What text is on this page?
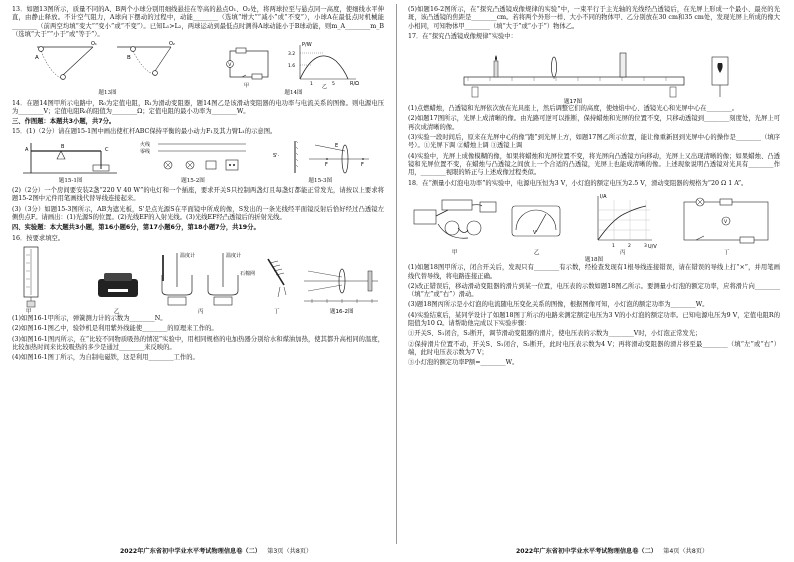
13．如题13图所示，质量不同的A、B两个小球分别用细线悬挂在等高的悬点O₁、O₂处，将两球拉至与悬点同一高度，使细线水平伸直，由静止释放。不计空气阻力，A球向下摆动的过程中，动能________（选填“增大”“减小”或“不变”），小球A在最低点时机械能________（前两空均填“变大”“变小”或“不变”）。已知L₁>L₂，两球运动到最低点时测得A球动能小于B球动能，则m_A________m_B（选填“大于”“小于”或“等于”）。

A
O₁
B
O₂
题13图
V
P/W
R/Ω
3.2
1.6
1	5
甲	乙
题14图

14．在题14图甲所示电路中，R₀为定值电阻，R₁为滑动变阻器，题14图乙是该滑动变阻器的电功率与电流关系的图像。则电源电压为________V；定值电阻R₀的阻值为________Ω；定值电阻的最小功率为________W。

三、作图题：本题共3小题，共7分。

15．(1)（2分）请在题15-1图中画出使杠杆ABC保持平衡的最小动力F₁及其力臂L₁的示意图。

A	B	C
题15-1图
火线
零线
题15-2图
S'·
F	F
E
题15-3图

(2)（2分）一个房间要安装2盏“220 V 40 W”的电灯和一个插座，要求开关S只控制两盏灯且每盏灯都能正常发光，请按以上要求将题15-2图中元件用笔画线代替导线连接起来。

(3)（3分）如题15-3图所示，AB为遮光板，S'是点光源S在平面镜中所成的像，S发出的一条光线经平面镜反射后恰好经过凸透镜左侧焦点F。请画出：(1)光源S的位置。(2)光线EF的入射光线。(3)光线EF经凸透镜后的折射光线。

四、实验题：本大题共3小题，第16小题6分，第17小题6分，第18小题7分，共19分。

16．按要求填空。

温度计	温度计
石棉网
甲	乙	丙	丁	题16-2图

(1)如图16-1甲所示，弹簧测力计的示数为________N。

(2)如图16-1图乙中，验钞机是利用紫外线能使________的原理来工作的。

(3)如图16-1图丙所示，在“比较不同物质吸热的情况”实验中，用相同规格的电加热器分别给水和煤油加热，使其都升高相同的温度，比较加热时间来比较吸热的多少是通过________来反映的。

(4)如图16-1图丁所示，为自制电磁铁，这是利用________工作的。

(5)如题16-2图所示，在“探究凸透镜成像规律的实验”中，一束平行于主光轴的光线经凸透镜后，在光屏上形成一个最小、最亮的光斑，该凸透镜的焦距是________cm。若将两个外形一样、大小不同的物体甲、乙分别放在30 cm和35 cm处，发现光屏上所成的像大小相同，可知物体甲________（填“大于”或“小于”）物体乙。

17．在“探究凸透镜成像规律”实验中：

题17图

(1)点燃蜡烛，凸透镜和光屏依次放在光具座上，然后调整它们的高度，使烛焰中心、透镜光心和光屏中心在________。

(2)如题17图所示，光屏上成清晰的像。由光路可逆可以推断，保持蜡烛和光屏的位置不变，只移动透镜到________刻度处，光屏上可再次成清晰的像。

(3)实验一段时间后，原来在光屏中心的像“跑”到光屏上方，如题17图乙所示位置，能让像重新回到光屏中心的操作是________（填序号）。①光屏下调 ②蜡烛上调 ③透镜上调

(4)实验中，光屏上成像模糊的像，如果将蜡烛和光屏位置不变，将光屏向凸透镜方向移动，光屏上又出现清晰的像；如果蜡烛、凸透镜和光屏位置不变，在蜡烛与凸透镜之间放上一个合适的凸透镜，光屏上也能成清晰的像。上述现象说明凸透镜对光具有________作用，________视眼的矫正与上述成像过程类似。

18．在“测量小灯泡电功率”的实验中，电源电压恒为3 V，小灯泡的额定电压为2.5 V，滑动变阻器的规格为“20 Ω 1 A”。

V
I/A
U/V
1	2	3
V
甲	乙	丙	丁
题18图

(1)如题18图甲所示，闭合开关后，发现只有________有示数，经检查发现有1根导线连接错误，请在错误的导线上打“×”，并用笔画线代替导线，将电路连接正确。

(2)改正错误后，移动滑动变阻器的滑片到某一位置，电压表的示数如题18图乙所示。要测量小灯泡的额定功率，应将滑片向________（填“左”或“右”）滑动。

(3)题18图丙所示是小灯泡的电流随电压变化关系的图像，根据图像可知，小灯泡的额定功率为________W。

(4)实验结束后，某同学设计了如题18图丁所示的电路来测定额定电压为3 V的小灯泡的额定功率。已知电源电压为9 V，定值电阻R的阻值为10 Ω。请帮助他完成以下实验步骤：

①开关S、S₁闭合，S₂断开，调节滑动变阻器的滑片，使电压表的示数为________V时，小灯泡正常发光；

②保持滑片位置不动，开关S、S₁闭合，S₂断开，此时电压表示数为4 V；再将滑动变阻器的滑片移至最________（填“左”或“右”）端，此时电压表示数为7 V；

③小灯泡的额定功率P额=________W。

2022年广东省初中学业水平考试物理信息卷（二） 第3页（共8页）	2022年广东省初中学业水平考试物理信息卷（二） 第4页（共8页）
